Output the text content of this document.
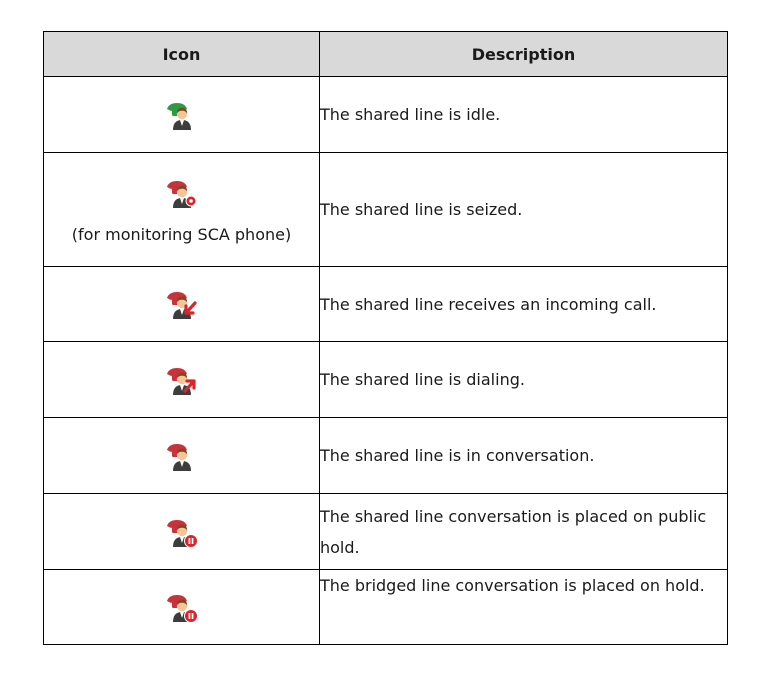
Icon	Description

	The shared line is idle.

(for monitoring SCA phone)	The shared line is seized.

	The shared line receives an incoming call.

	The shared line is dialing.

	The shared line is in conversation.

	The shared line conversation is placed on public hold.

	The bridged line conversation is placed on hold.
